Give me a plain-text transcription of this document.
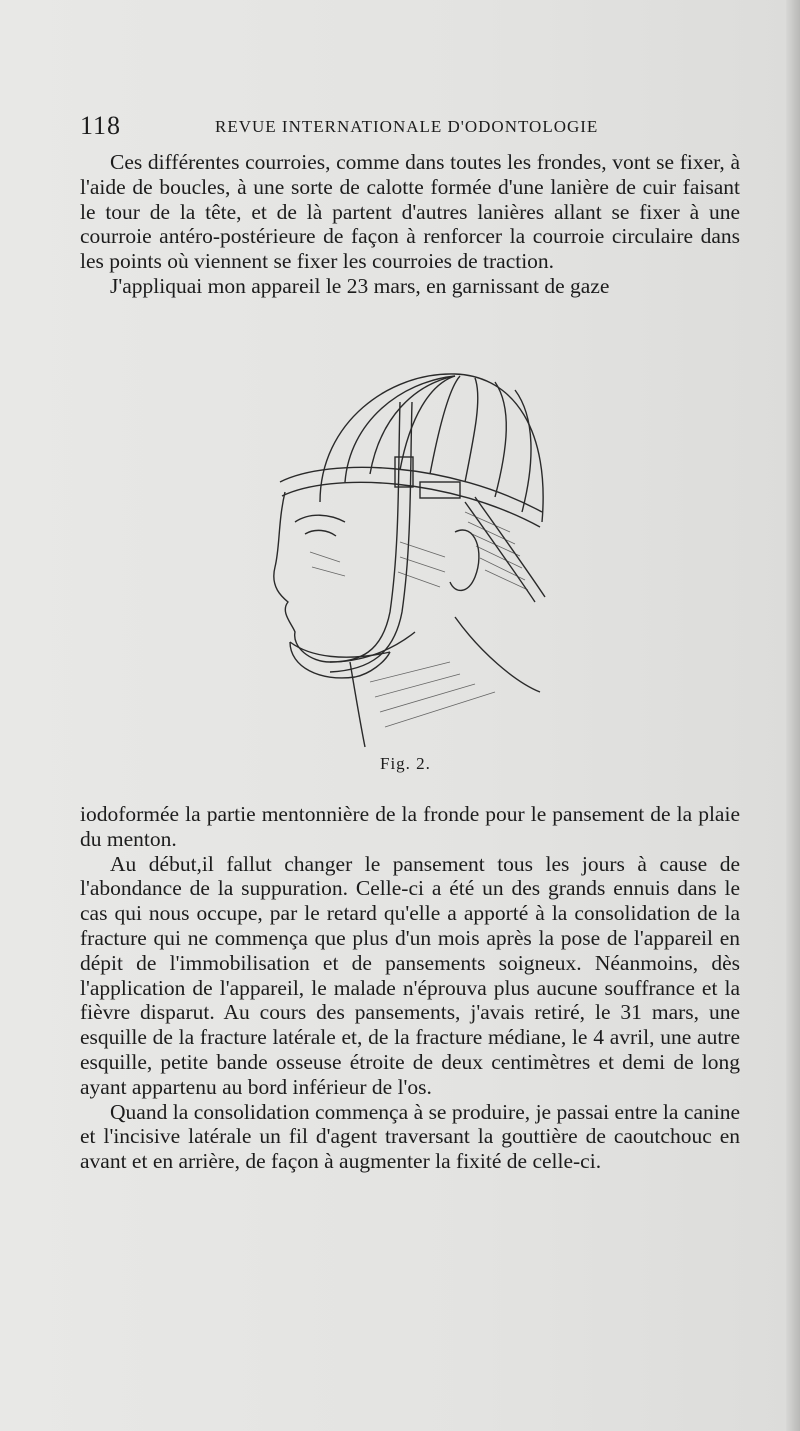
118	REVUE INTERNATIONALE D'ODONTOLOGIE

Ces différentes courroies, comme dans toutes les frondes, vont se fixer, à l'aide de boucles, à une sorte de calotte formée d'une lanière de cuir faisant le tour de la tête, et de là partent d'autres lanières allant se fixer à une courroie antéro-postérieure de façon à renforcer la courroie circulaire dans les points où viennent se fixer les courroies de traction.

J'appliquai mon appareil le 23 mars, en garnissant de gaze

Fig. 2.

iodoformée la partie mentonnière de la fronde pour le pansement de la plaie du menton.

Au début,il fallut changer le pansement tous les jours à cause de l'abondance de la suppuration. Celle-ci a été un des grands ennuis dans le cas qui nous occupe, par le retard qu'elle a apporté à la consolidation de la fracture qui ne commença que plus d'un mois après la pose de l'appareil en dépit de l'immobilisation et de pansements soigneux. Néanmoins, dès l'application de l'appareil, le malade n'éprouva plus aucune souffrance et la fièvre disparut. Au cours des pansements, j'avais retiré, le 31 mars, une esquille de la fracture latérale et, de la fracture médiane, le 4 avril, une autre esquille, petite bande osseuse étroite de deux centimètres et demi de long ayant appartenu au bord inférieur de l'os.

Quand la consolidation commença à se produire, je passai entre la canine et l'incisive latérale un fil d'agent traversant la gouttière de caoutchouc en avant et en arrière, de façon à augmenter la fixité de celle-ci.
